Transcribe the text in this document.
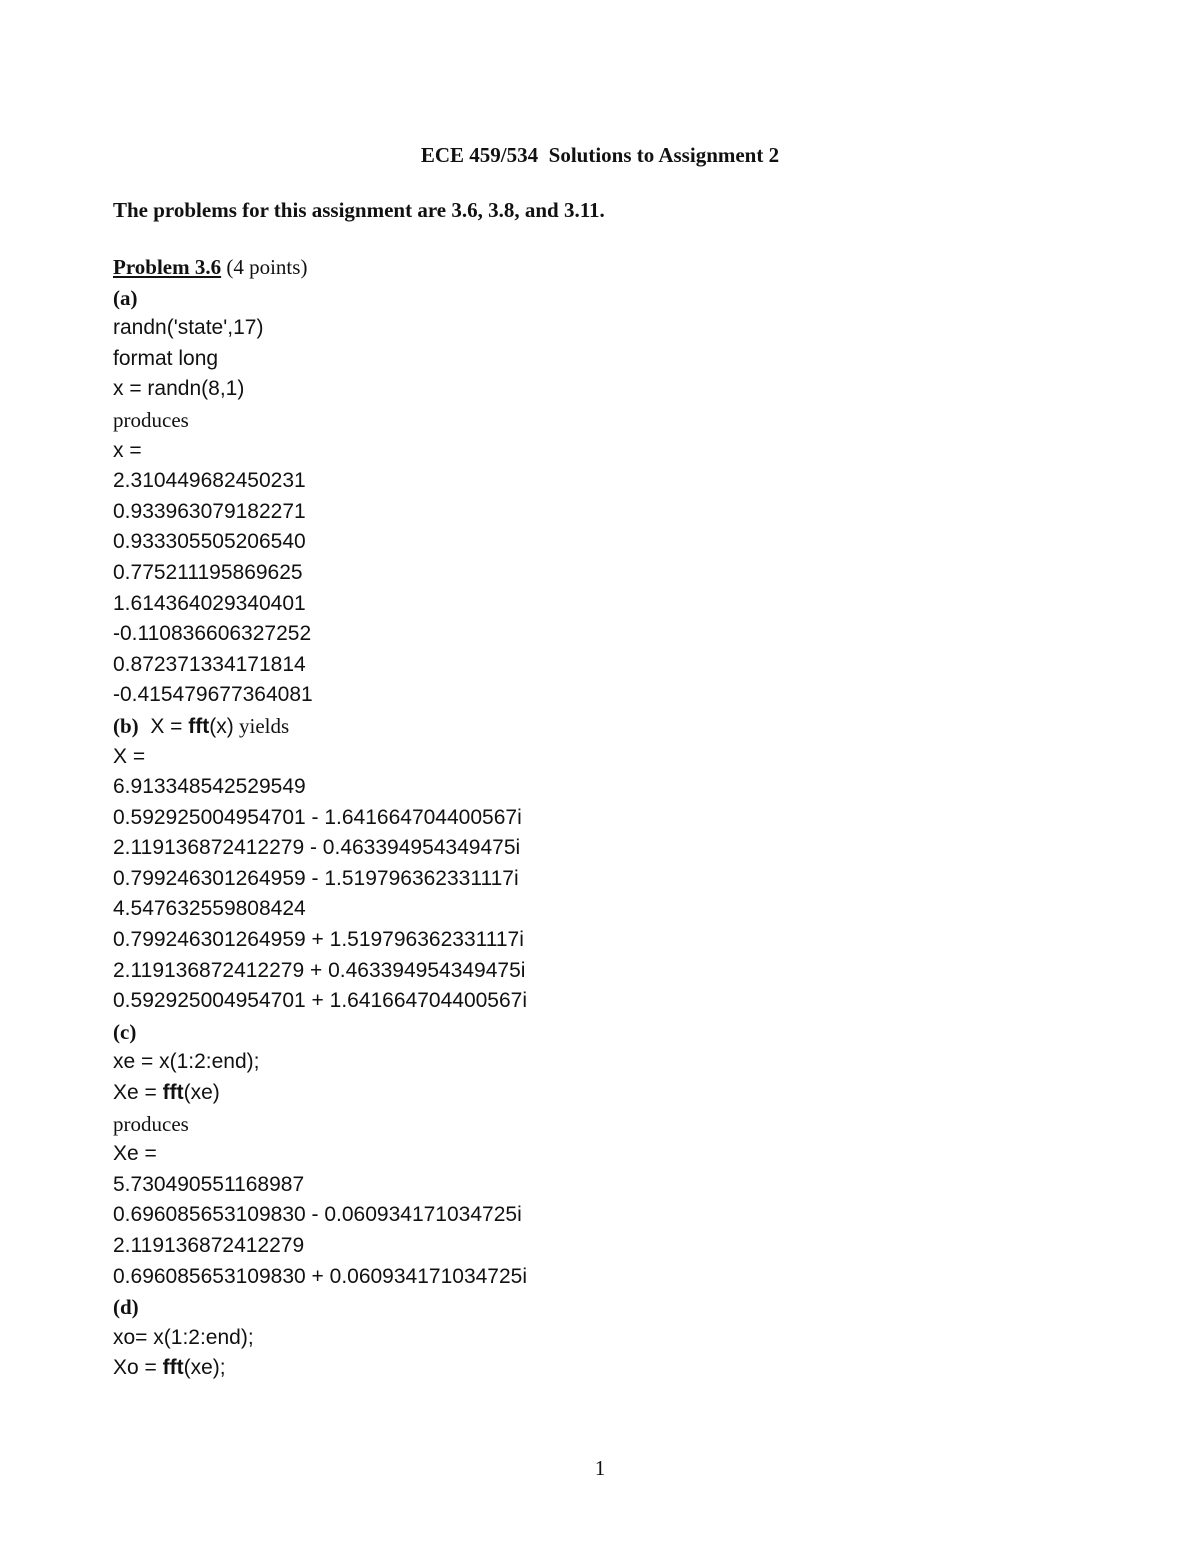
ECE 459/534  Solutions to Assignment 2
The problems for this assignment are 3.6, 3.8, and 3.11.
Problem 3.6 (4 points)
(a)
randn('state',17)
format long
x = randn(8,1)
produces
x =
2.310449682450231
0.933963079182271
0.933305505206540
0.775211195869625
1.614364029340401
-0.110836606327252
0.872371334171814
-0.415479677364081
(b)  X = fft(x) yields
X =
6.913348542529549
0.592925004954701 - 1.641664704400567i
2.119136872412279 - 0.463394954349475i
0.799246301264959 - 1.519796362331117i
4.547632559808424
0.799246301264959 + 1.519796362331117i
2.119136872412279 + 0.463394954349475i
0.592925004954701 + 1.641664704400567i
(c)
xe = x(1:2:end);
Xe = fft(xe)
produces
Xe =
5.730490551168987
0.696085653109830 - 0.060934171034725i
2.119136872412279
0.696085653109830 + 0.060934171034725i
(d)
xo= x(1:2:end);
Xo = fft(xe);
1
